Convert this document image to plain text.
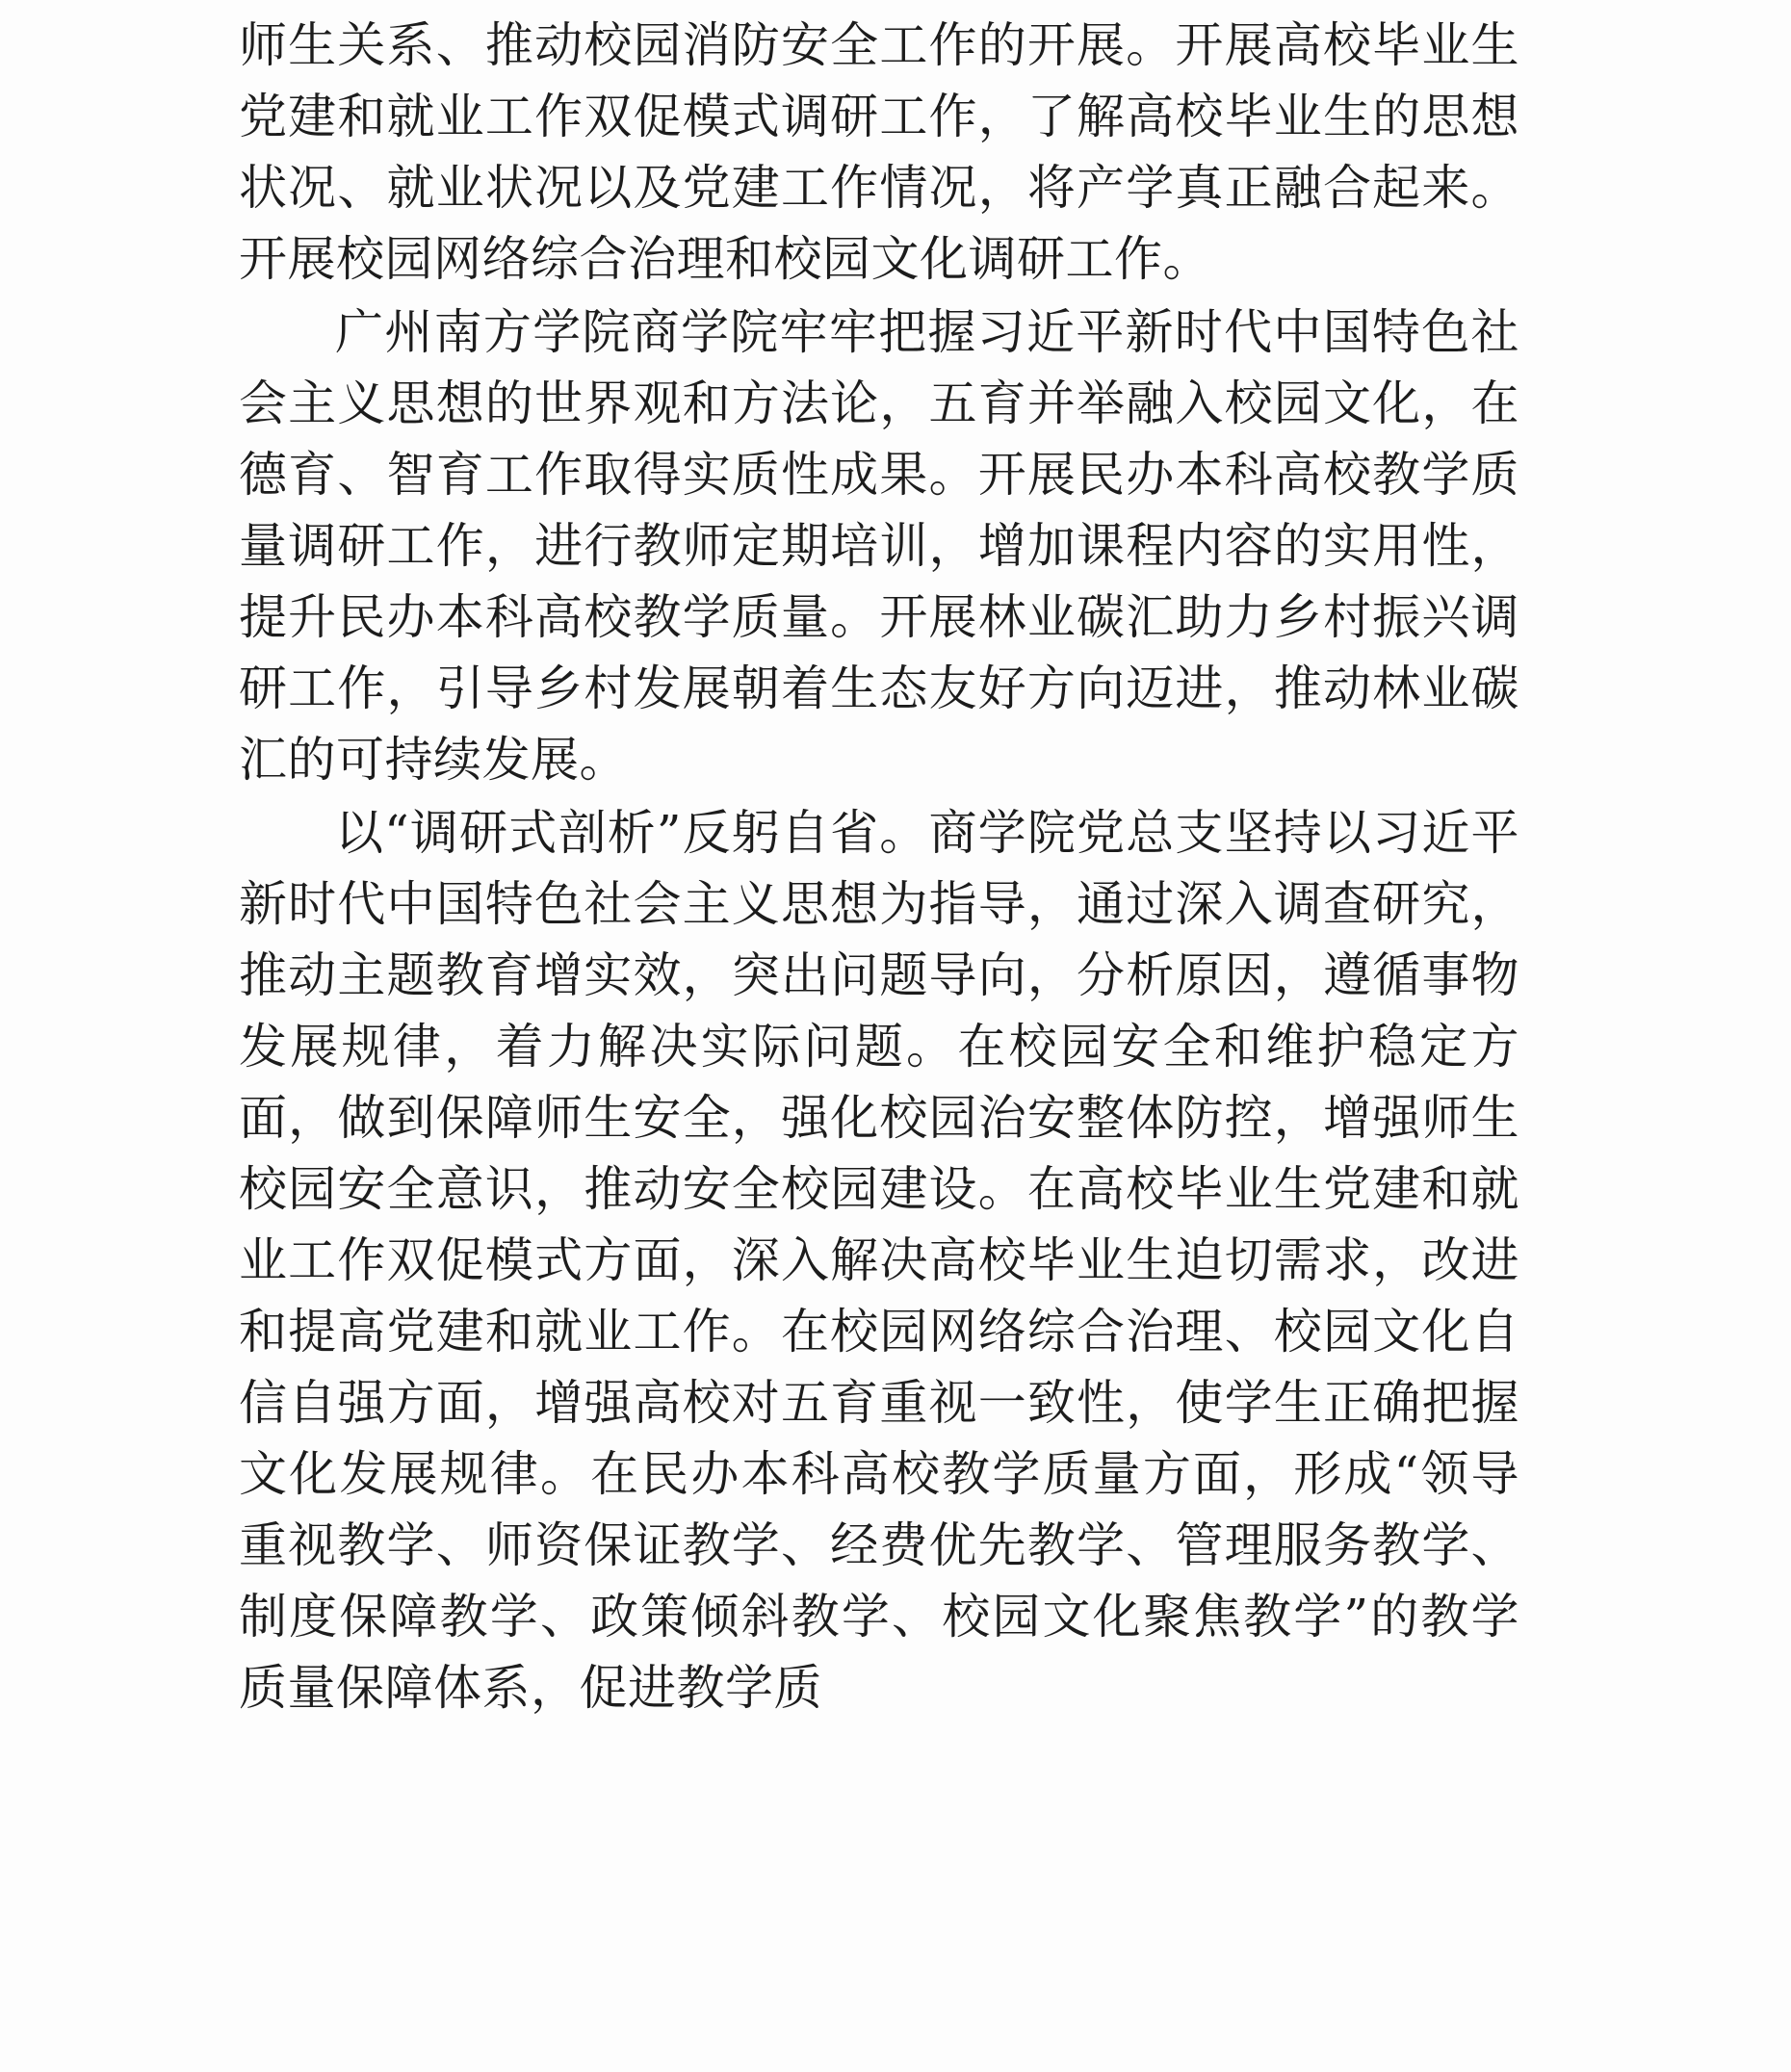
师生关系、推动校园消防安全工作的开展。开展高校毕业生党建和就业工作双促模式调研工作，了解高校毕业生的思想状况、就业状况以及党建工作情况，将产学真正融合起来。开展校园网络综合治理和校园文化调研工作。

广州南方学院商学院牢牢把握习近平新时代中国特色社会主义思想的世界观和方法论，五育并举融入校园文化，在德育、智育工作取得实质性成果。开展民办本科高校教学质量调研工作，进行教师定期培训，增加课程内容的实用性，提升民办本科高校教学质量。开展林业碳汇助力乡村振兴调研工作，引导乡村发展朝着生态友好方向迈进，推动林业碳汇的可持续发展。

以“调研式剖析”反躬自省。商学院党总支坚持以习近平新时代中国特色社会主义思想为指导，通过深入调查研究，推动主题教育增实效，突出问题导向，分析原因，遵循事物发展规律，着力解决实际问题。在校园安全和维护稳定方面，做到保障师生安全，强化校园治安整体防控，增强师生校园安全意识，推动安全校园建设。在高校毕业生党建和就业工作双促模式方面，深入解决高校毕业生迫切需求，改进和提高党建和就业工作。在校园网络综合治理、校园文化自信自强方面，增强高校对五育重视一致性，使学生正确把握文化发展规律。在民办本科高校教学质量方面，形成“领导重视教学、师资保证教学、经费优先教学、管理服务教学、制度保障教学、政策倾斜教学、校园文化聚焦教学”的教学质量保障体系，促进教学质
